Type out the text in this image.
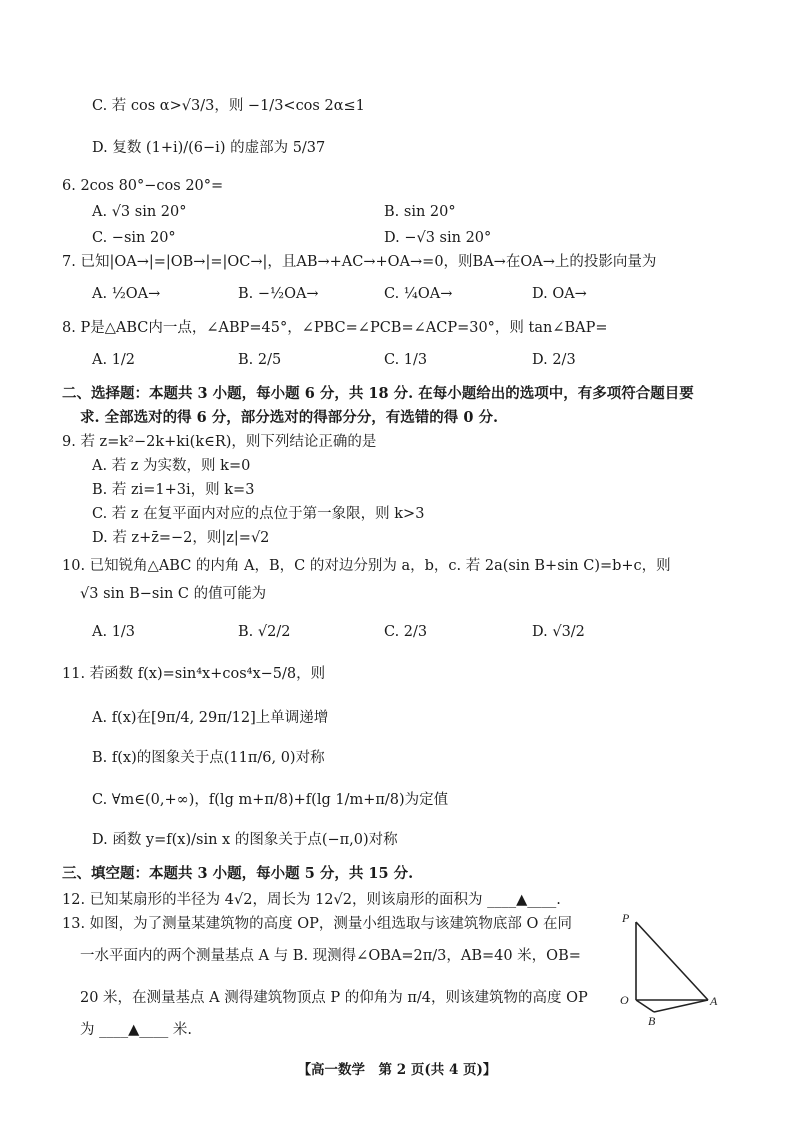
C. 若 cos α>√3/3，则 −1/3<cos 2α≤1
D. 复数 (1+i)/(6−i) 的虚部为 5/37
6. 2cos 80°−cos 20°=
A. √3 sin 20°	B. sin 20°
C. −sin 20°	D. −√3 sin 20°
7. 已知|OA→|=|OB→|=|OC→|，且AB→+AC→+OA→=0，则BA→在OA→上的投影向量为
A. ½OA→	B. −½OA→	C. ¼OA→	D. OA→
8. P是△ABC内一点，∠ABP=45°，∠PBC=∠PCB=∠ACP=30°，则 tan∠BAP=
A. 1/2	B. 2/5	C. 1/3	D. 2/3
二、选择题：本题共 3 小题，每小题 6 分，共 18 分. 在每小题给出的选项中，有多项符合题目要
求. 全部选对的得 6 分，部分选对的得部分分，有选错的得 0 分.
9. 若 z=k²−2k+ki(k∈R)，则下列结论正确的是
A. 若 z 为实数，则 k=0
B. 若 zi=1+3i，则 k=3
C. 若 z 在复平面内对应的点位于第一象限，则 k>3
D. 若 z+z̄=−2，则|z|=√2
10. 已知锐角△ABC 的内角 A，B，C 的对边分别为 a，b，c. 若 2a(sin B+sin C)=b+c，则
√3 sin B−sin C 的值可能为
A. 1/3	B. √2/2	C. 2/3	D. √3/2
11. 若函数 f(x)=sin⁴x+cos⁴x−5/8，则
A. f(x)在[9π/4, 29π/12]上单调递增
B. f(x)的图象关于点(11π/6, 0)对称
C. ∀m∈(0,+∞)，f(lg m+π/8)+f(lg 1/m+π/8)为定值
D. 函数 y=f(x)/sin x 的图象关于点(−π,0)对称
三、填空题：本题共 3 小题，每小题 5 分，共 15 分.
12. 已知某扇形的半径为 4√2，周长为 12√2，则该扇形的面积为 ____▲____.
13. 如图，为了测量某建筑物的高度 OP，测量小组选取与该建筑物底部 O 在同
一水平面内的两个测量基点 A 与 B. 现测得∠OBA=2π/3，AB=40 米，OB=
20 米，在测量基点 A 测得建筑物顶点 P 的仰角为 π/4，则该建筑物的高度 OP
为 ____▲____ 米.
P
O	A
B
【高一数学　第 2 页(共 4 页)】
